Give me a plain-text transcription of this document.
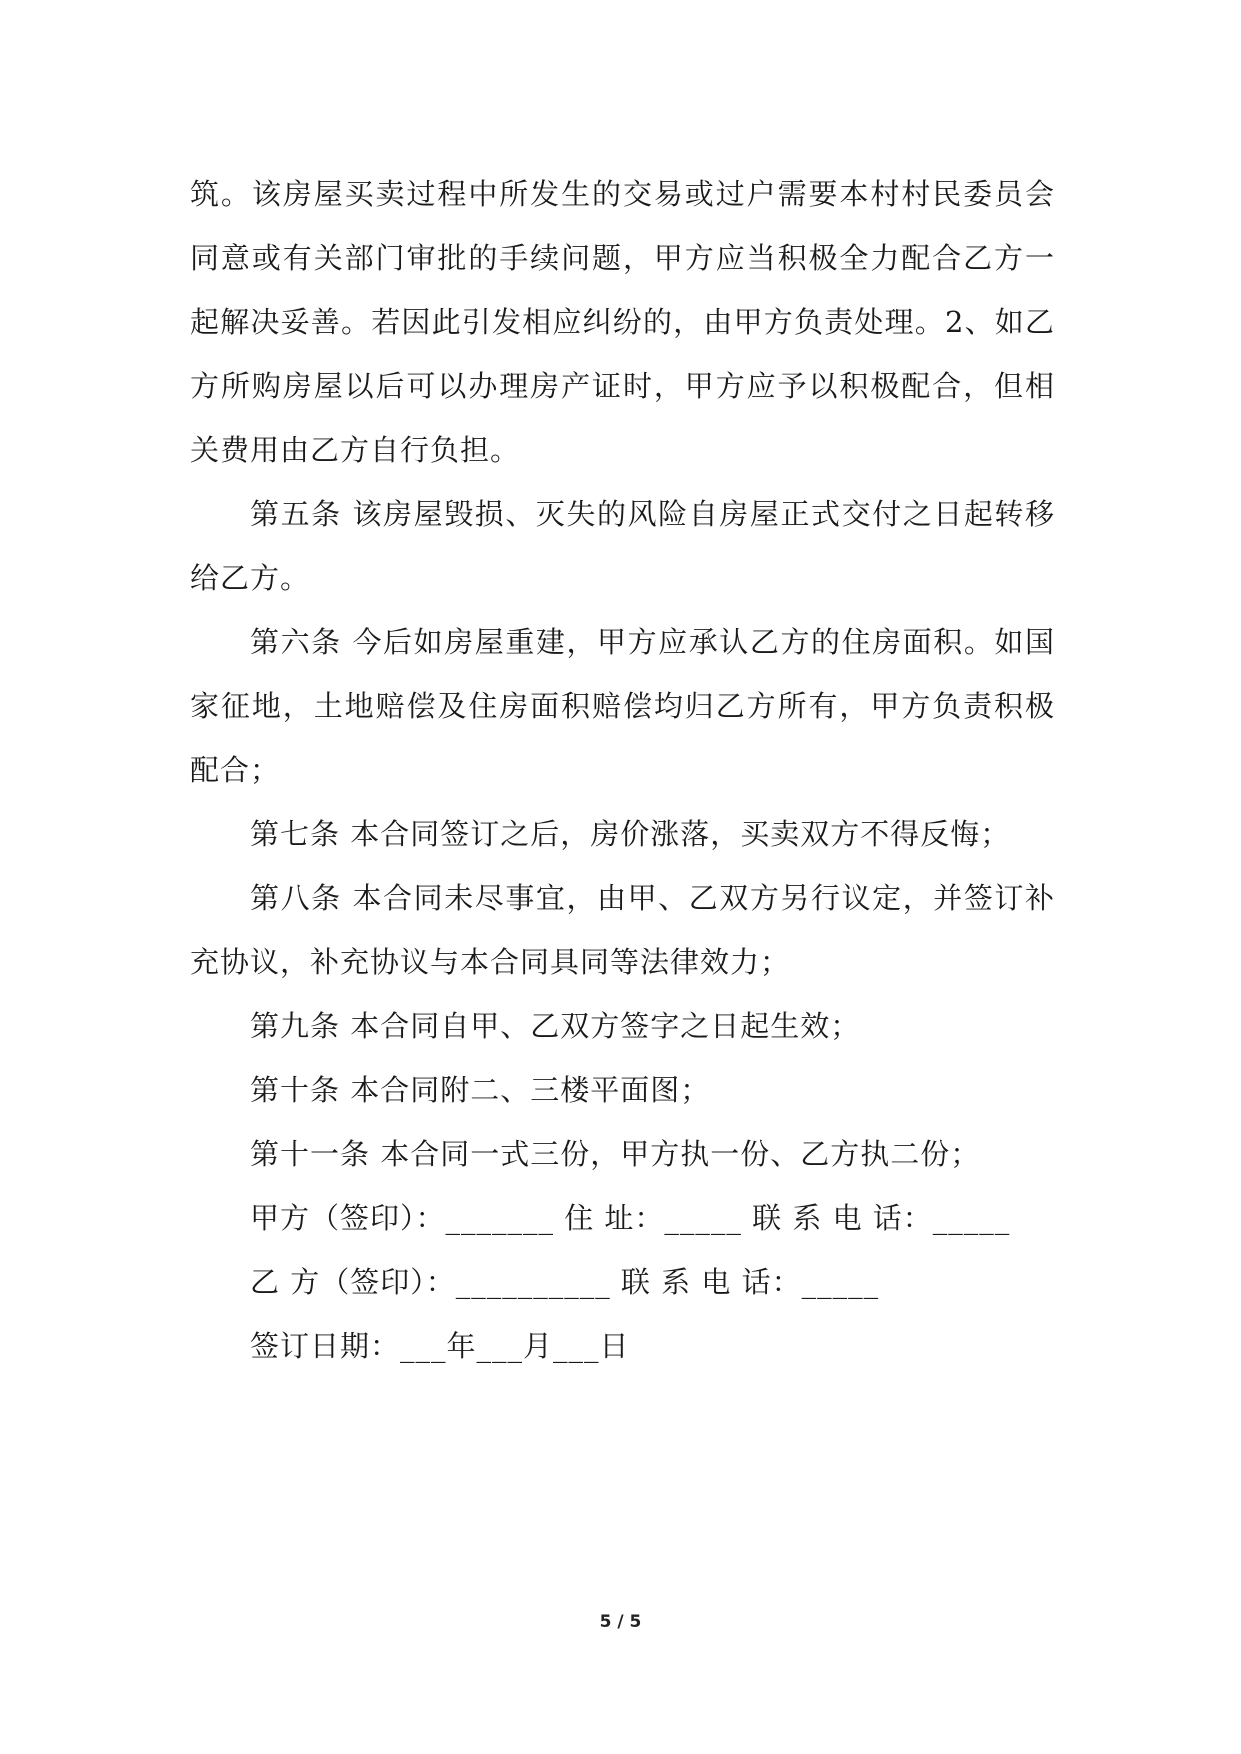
筑。该房屋买卖过程中所发生的交易或过户需要本村村民委员会同意或有关部门审批的手续问题，甲方应当积极全力配合乙方一起解决妥善。若因此引发相应纠纷的，由甲方负责处理。2、如乙方所购房屋以后可以办理房产证时，甲方应予以积极配合，但相关费用由乙方自行负担。

第五条 该房屋毁损、灭失的风险自房屋正式交付之日起转移给乙方。

第六条 今后如房屋重建，甲方应承认乙方的住房面积。如国家征地，土地赔偿及住房面积赔偿均归乙方所有，甲方负责积极配合；

第七条 本合同签订之后，房价涨落，买卖双方不得反悔；

第八条 本合同未尽事宜，由甲、乙双方另行议定，并签订补充协议，补充协议与本合同具同等法律效力；

第九条 本合同自甲、乙双方签字之日起生效；

第十条 本合同附二、三楼平面图；

第十一条 本合同一式三份，甲方执一份、乙方执二份；

甲方（签印）：_______ 住 址：_____ 联 系 电 话：_____

乙 方（签印）：__________ 联 系 电 话：_____

签订日期：___年___月___日

5 / 5
